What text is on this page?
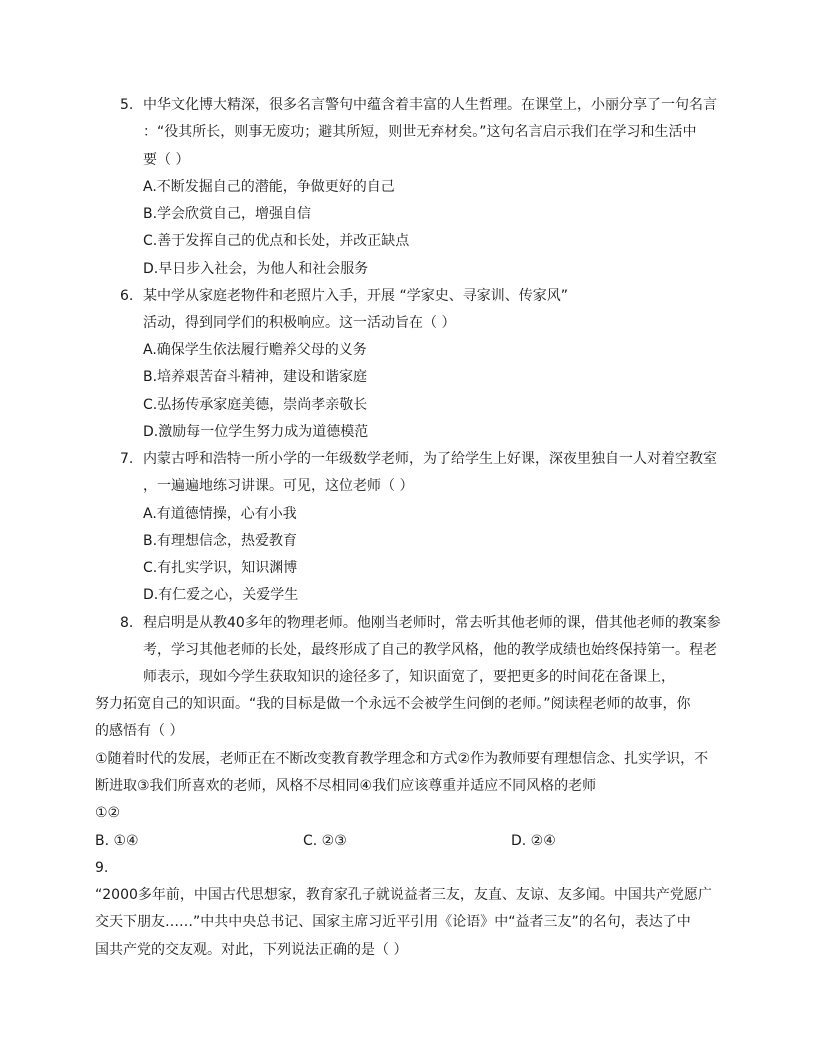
5. 中华文化博大精深，很多名言警句中蕴含着丰富的人生哲理。在课堂上，小丽分享了一句名言
：“役其所长，则事无废功；避其所短，则世无弃材矣。”这句名言启示我们在学习和生活中
要（ ）
A.不断发掘自己的潜能，争做更好的自己
B.学会欣赏自己，增强自信
C.善于发挥自己的优点和长处，并改正缺点
D.早日步入社会，为他人和社会服务
6. 某中学从家庭老物件和老照片入手，开展 “学家史、寻家训、传家风”
活动，得到同学们的积极响应。这一活动旨在（ ）
A.确保学生依法履行赡养父母的义务
B.培养艰苦奋斗精神，建设和谐家庭
C.弘扬传承家庭美德，崇尚孝亲敬长
D.激励每一位学生努力成为道德模范
7. 内蒙古呼和浩特一所小学的一年级数学老师，为了给学生上好课，深夜里独自一人对着空教室
，一遍遍地练习讲课。可见，这位老师（ ）
A.有道德情操，心有小我
B.有理想信念，热爱教育
C.有扎实学识，知识渊博
D.有仁爱之心，关爱学生
8. 程启明是从教40多年的物理老师。他刚当老师时，常去听其他老师的课，借其他老师的教案参
考，学习其他老师的长处，最终形成了自己的教学风格，他的教学成绩也始终保持第一。程老
师表示，现如今学生获取知识的途径多了，知识面宽了，要把更多的时间花在备课上，
努力拓宽自己的知识面。“我的目标是做一个永远不会被学生问倒的老师。”阅读程老师的故事，你
的感悟有（ ）
①随着时代的发展，老师正在不断改变教育教学理念和方式②作为教师要有理想信念、扎实学识，不
断进取③我们所喜欢的老师，风格不尽相同④我们应该尊重并适应不同风格的老师
①②
B. ①④	C. ②③	D. ②④
9.
“2000多年前，中国古代思想家，教育家孔子就说益者三友，友直、友谅、友多闻。中国共产党愿广
交天下朋友……”中共中央总书记、国家主席习近平引用《论语》中“益者三友”的名句，表达了中
国共产党的交友观。对此，下列说法正确的是（ ）
